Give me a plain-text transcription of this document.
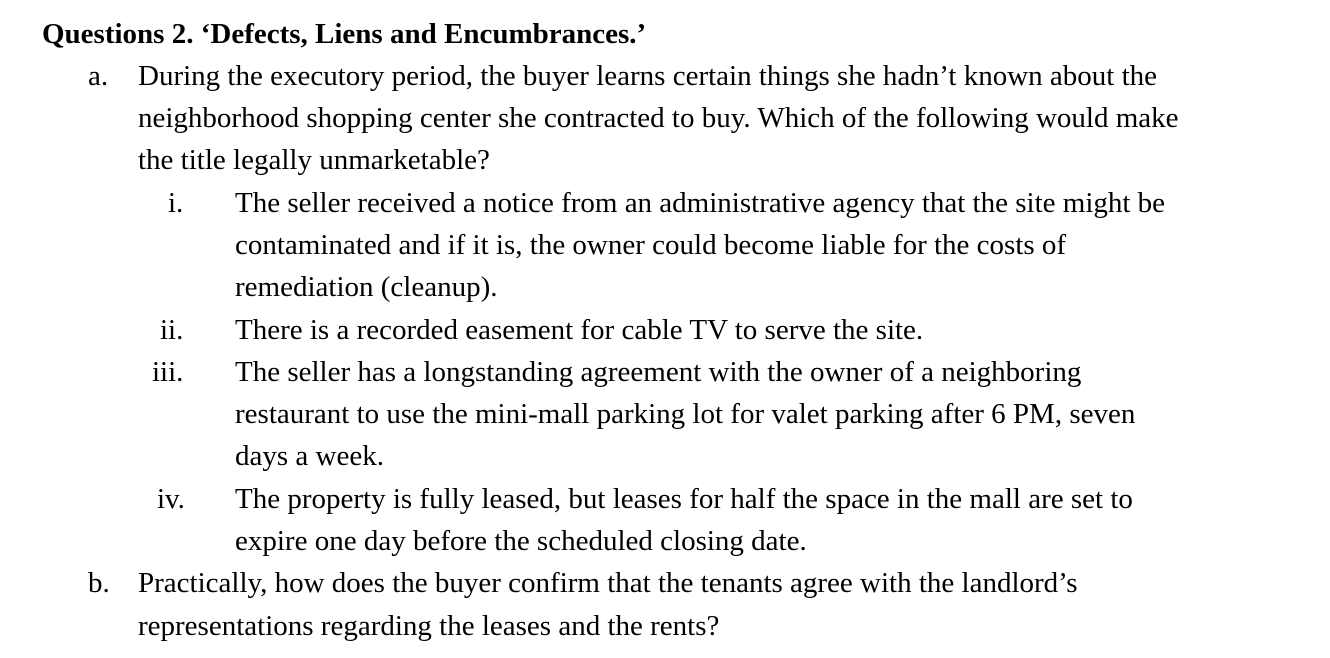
Questions 2. ‘Defects, Liens and Encumbrances.’
a. During the executory period, the buyer learns certain things she hadn’t known about the
neighborhood shopping center she contracted to buy. Which of the following would make
the title legally unmarketable?
i. The seller received a notice from an administrative agency that the site might be
contaminated and if it is, the owner could become liable for the costs of
remediation (cleanup).
ii. There is a recorded easement for cable TV to serve the site.
iii. The seller has a longstanding agreement with the owner of a neighboring
restaurant to use the mini-mall parking lot for valet parking after 6 PM, seven
days a week.
iv. The property is fully leased, but leases for half the space in the mall are set to
expire one day before the scheduled closing date.
b. Practically, how does the buyer confirm that the tenants agree with the landlord’s
representations regarding the leases and the rents?
